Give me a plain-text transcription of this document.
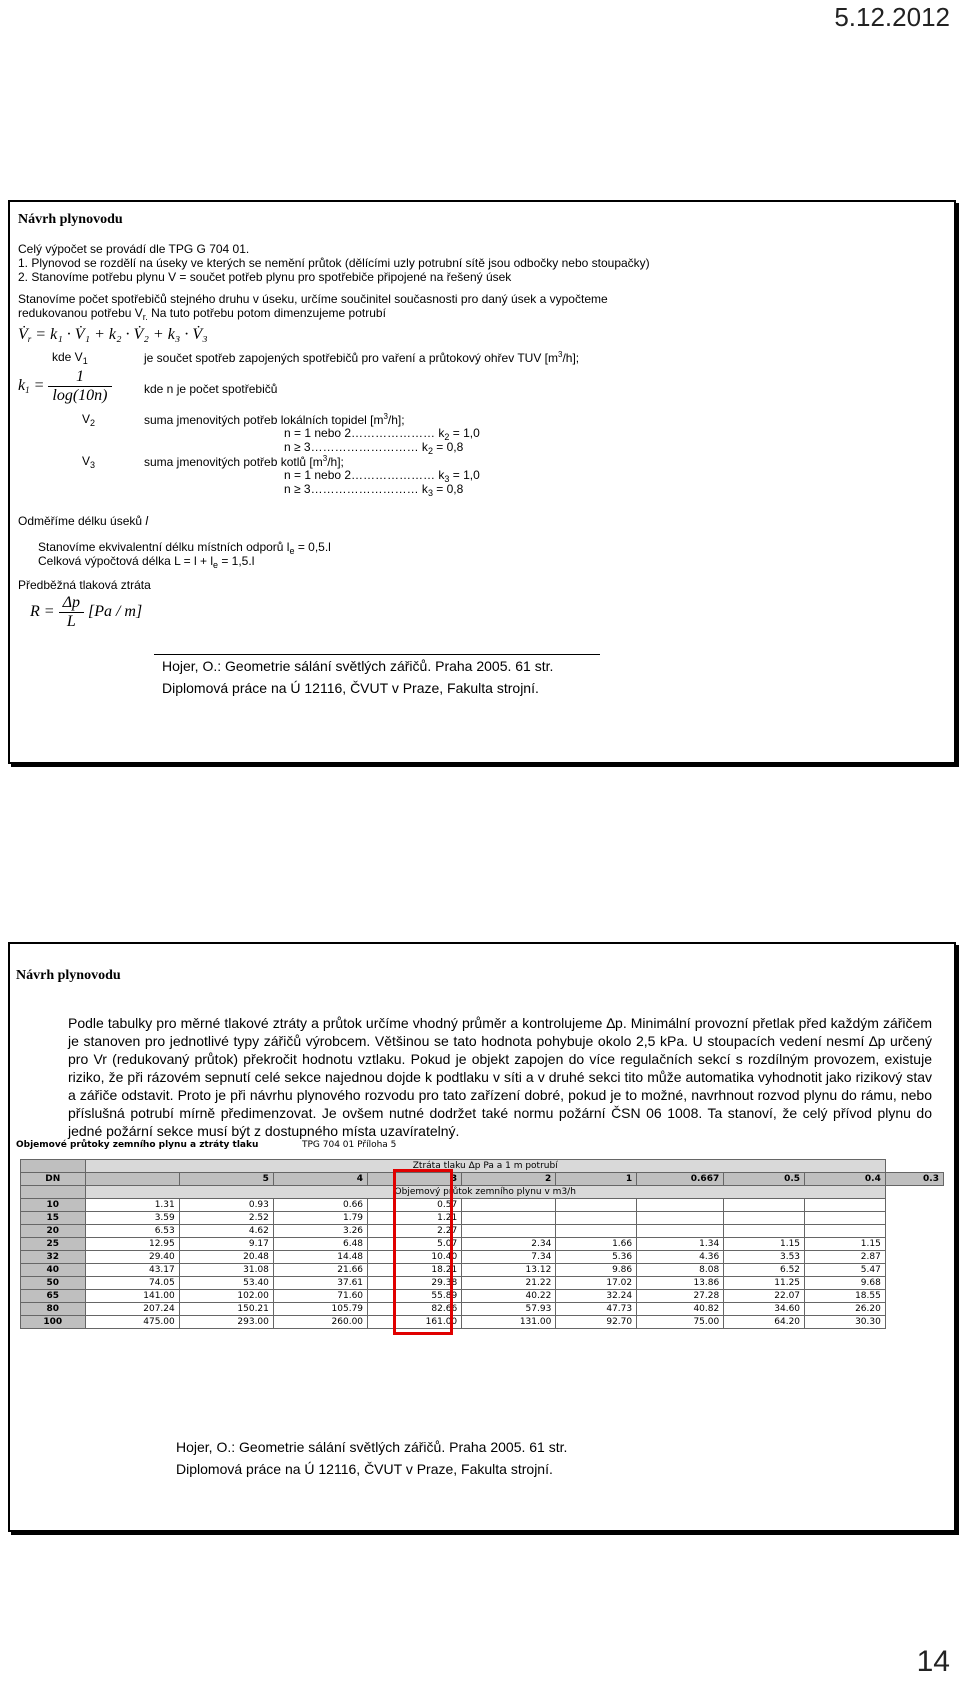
5.12.2012
Návrh plynovodu
Celý výpočet se provádí dle TPG G 704 01.
1. Plynovod se rozdělí na úseky ve kterých se nemění průtok (dělícími uzly potrubní sítě jsou odbočky nebo stoupačky)
2. Stanovíme potřebu plynu V = součet potřeb plynu pro spotřebiče připojené na řešený úsek
Stanovíme počet spotřebičů stejného druhu v úseku, určíme součinitel současnosti pro daný úsek a vypočteme
redukovanou potřebu $V_{r.}$ Na tuto potřebu potom dimenzujeme potrubí
$V̇_r = k_1$ · V̇₁ + k₂ · V̇₂ + k₃ · V̇₃
kde $V_1$	je součet spotřeb zapojených spotřebičů pro vaření a průtokový ohřev TUV $[m^3/h]$;
$k_1 = \frac{1}{\log(10n)}$	kde n je počet spotřebičů
$V_2$	suma jmenovitých potřeb lokálních topidel $[m^3/h]$;
n = 1 nebo 2………………… $k_2 = 1,0$
n ≥ 3……………………… $k_2 = 0,8$
$V_3$	suma jmenovitých potřeb kotlů $[m^3/h]$;
n = 1 nebo 2………………… $k_3 = 1,0$
n ≥ 3……………………… $k_3 = 0,8$
Odměříme délku úseků l
Stanovíme ekvivalentní délku místních odporů $l_e = 0,5.l$
Celková výpočtová délka $L = l + l_e = 1,5.l$
Předběžná tlaková ztráta
$R = \frac{\Delta p}{L} [Pa / m]$
Hojer, O.: Geometrie sálání světlých zářičů. Praha 2005. 61 str.
Diplomová práce na Ú 12116, ČVUT v Praze, Fakulta strojní.
Návrh plynovodu
Podle tabulky pro měrné tlakové ztráty a průtok určíme vhodný průměr a kontrolujeme ∆p. Minimální provozní přetlak před každým zářičem je stanoven pro jednotlivé typy zářičů výrobcem. Většinou se tato hodnota pohybuje okolo 2,5 kPa. U stoupacích vedení nesmí ∆p určený pro Vr (redukovaný průtok) překročit hodnotu vztlaku. Pokud je objekt zapojen do více regulačních sekcí s rozdílným provozem, existuje riziko, že při rázovém sepnutí celé sekce najednou dojde k podtlaku v síti a v druhé sekci tito může automatika vyhodnotit jako rizikový stav a zářiče odstavit. Proto je při návrhu plynového rozvodu pro tato zařízení dobré, pokud je to možné, navrhnout rozvod plynu do rámu, nebo příslušná potrubí mírně předimenzovat. Je ovšem nutné dodržet také normu požární ČSN 06 1008. Ta stanoví, že celý přívod plynu do jedné požární sekce musí být z dostupného místa uzavíratelný.
Objemové průtoky zemního plynu a ztráty tlaku	TPG 704 01 Příloha 5
	Ztráta tlaku Δp Pa a 1 m potrubí									
DN		5	4	3	2	1	0.667	0.5	0.4	0.3
	Objemový průtok zemního plynu v m3/h									
10	1.31	0.93	0.66	0.57						
15	3.59	2.52	1.79	1.21						
20	6.53	4.62	3.26	2.27						
25	12.95	9.17	6.48	5.07	2.34	1.66	1.34	1.15	1.15	
32	29.40	20.48	14.48	10.40	7.34	5.36	4.36	3.53	2.87	
40	43.17	31.08	21.66	18.21	13.12	9.86	8.08	6.52	5.47	
50	74.05	53.40	37.61	29.38	21.22	17.02	13.86	11.25	9.68	
65	141.00	102.00	71.60	55.89	40.22	32.24	27.28	22.07	18.55	
80	207.24	150.21	105.79	82.66	57.93	47.73	40.82	34.60	26.20	
100	475.00	293.00	260.00	161.00	131.00	92.70	75.00	64.20	30.30	
Hojer, O.: Geometrie sálání světlých zářičů. Praha 2005. 61 str.
Diplomová práce na Ú 12116, ČVUT v Praze, Fakulta strojní.
14
